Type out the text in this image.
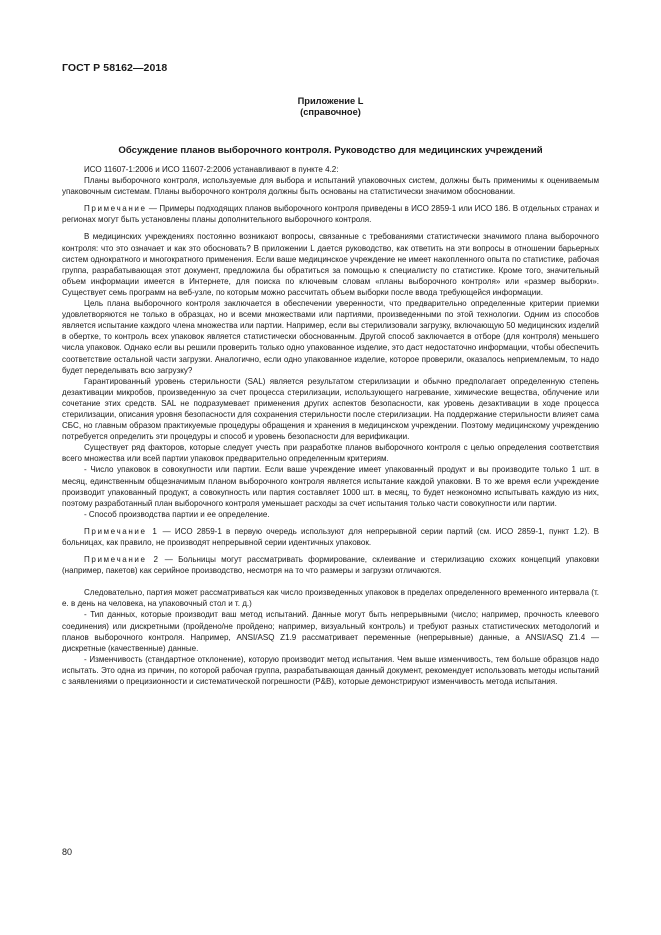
ГОСТ Р 58162—2018
Приложение L
(справочное)
Обсуждение планов выборочного контроля. Руководство для медицинских учреждений

ИСО 11607-1:2006 и ИСО 11607-2:2006 устанавливают в пункте 4.2:

Планы выборочного контроля, используемые для выбора и испытаний упаковочных систем, должны быть применимы к оцениваемым упаковочным системам. Планы выборочного контроля должны быть основаны на статистически значимом обосновании.

Примечание — Примеры подходящих планов выборочного контроля приведены в ИСО 2859-1 или ИСО 186. В отдельных странах и регионах могут быть установлены планы дополнительного выборочного контроля.

В медицинских учреждениях постоянно возникают вопросы, связанные с требованиями статистически значимого плана выборочного контроля: что это означает и как это обосновать? В приложении L дается руководство, как ответить на эти вопросы в отношении барьерных систем однократного и многократного применения. Если ваше медицинское учреждение не имеет накопленного опыта по статистике, рабочая группа, разрабатывающая этот документ, предложила бы обратиться за помощью к специалисту по статистике. Кроме того, значительный объем информации имеется в Интернете, для поиска по ключевым словам «планы выборочного контроля» или «размер выборки». Существует семь программ на веб-узле, по которым можно рассчитать объем выборки после ввода требующейся информации.

Цель плана выборочного контроля заключается в обеспечении уверенности, что предварительно определенные критерии приемки удовлетворяются не только в образцах, но и всеми множествами или партиями, произведенными по этой технологии. Одним из способов является испытание каждого члена множества или партии. Например, если вы стерилизовали загрузку, включающую 50 медицинских изделий в обертке, то контроль всех упаковок является статистически обоснованным. Другой способ заключается в отборе (для контроля) меньшего числа упаковок. Однако если вы решили проверить только одно упакованное изделие, это даст недостаточно информации, чтобы обеспечить соответствие остальной части загрузки. Аналогично, если одно упакованное изделие, которое проверили, оказалось неприемлемым, то надо будет переделывать всю загрузку?

Гарантированный уровень стерильности (SAL) является результатом стерилизации и обычно предполагает определенную степень дезактивации микробов, произведенную за счет процесса стерилизации, использующего нагревание, химические вещества, облучение или сочетание этих средств. SAL не подразумевает применения других аспектов безопасности, как уровень дезактивации в ходе процесса стерилизации, описания уровня безопасности для сохранения стерильности после стерилизации. На поддержание стерильности влияет сама СБС, но главным образом практикуемые процедуры обращения и хранения в медицинском учреждении. Поэтому медицинскому учреждению потребуется определить эти процедуры и способ и уровень безопасности для верификации.

Существует ряд факторов, которые следует учесть при разработке планов выборочного контроля с целью определения соответствия всего множества или всей партии упаковок предварительно определенным критериям.

- Число упаковок в совокупности или партии. Если ваше учреждение имеет упакованный продукт и вы производите только 1 шт. в месяц, единственным общезначимым планом выборочного контроля является испытание каждой упаковки. В то же время если учреждение производит упакованный продукт, а совокупность или партия составляет 1000 шт. в месяц, то будет неэкономно испытывать каждую из них, поэтому разработанный план выборочного контроля уменьшает расходы за счет испытания только части совокупности или партии.

- Способ производства партии и ее определение.

Примечание 1 — ИСО 2859-1 в первую очередь используют для непрерывной серии партий (см. ИСО 2859-1, пункт 1.2). В больницах, как правило, не производят непрерывной серии идентичных упаковок.

Примечание 2 — Больницы могут рассматривать формирование, склеивание и стерилизацию схожих концепций упаковки (например, пакетов) как серийное производство, несмотря на то что размеры и загрузки отличаются.

Следовательно, партия может рассматриваться как число произведенных упаковок в пределах определенного временного интервала (т. е. в день на человека, на упаковочный стол и т. д.)

- Тип данных, которые производит ваш метод испытаний. Данные могут быть непрерывными (число; например, прочность клеевого соединения) или дискретными (пройдено/не пройдено; например, визуальный контроль) и требуют разных статистических методологий и планов выборочного контроля. Например, ANSI/ASQ Z1.9 рассматривает переменные (непрерывные) данные, а ANSI/ASQ Z1.4 — дискретные (качественные) данные.

- Изменчивость (стандартное отклонение), которую производит метод испытания. Чем выше изменчивость, тем больше образцов надо испытать. Это одна из причин, по которой рабочая группа, разрабатывающая данный документ, рекомендует использовать методы испытаний с заявлениями о прецизионности и систематической погрешности (P&B), которые демонстрируют изменчивость метода испытания.

80
